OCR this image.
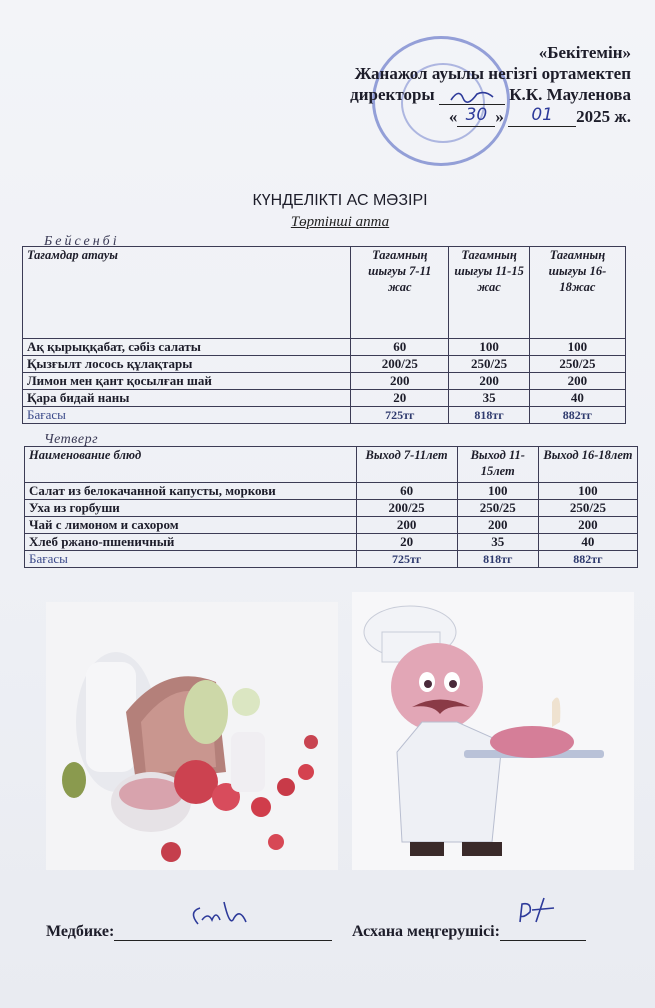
«Бекітемін»
Жанажол ауылы негізгі ортамектеп
директоры	К.К. Мауленова
« 30 » 01 2025 ж.
КҮНДЕЛІКТІ АС МӘЗІРІ
Төртінші апта
Бейсенбі
Тағамдар атауы	Тағамның шығуы 7-11 жас	Тағамның шығуы 11-15 жас	Тағамның шығуы 16-18жас
Ақ қырыққабат, сәбіз салаты	60	100	100
Қызғылт лосось құлақтары	200/25	250/25	250/25
Лимон мен қант қосылған шай	200	200	200
Қара бидай наны	20	35	40
Бағасы	725тг	818тг	882тг
Четверг
Наименование блюд	Выход 7-11лет	Выход 11-15лет	Выход 16-18лет
Салат из белокачанной капусты, моркови	60	100	100
Уха из горбуши	200/25	250/25	250/25
Чай с лимоном и сахором	200	200	200
Хлеб ржано-пшеничный	20	35	40
Бағасы	725тг	818тг	882тг
Медбике:	Асхана меңгерушісі:
